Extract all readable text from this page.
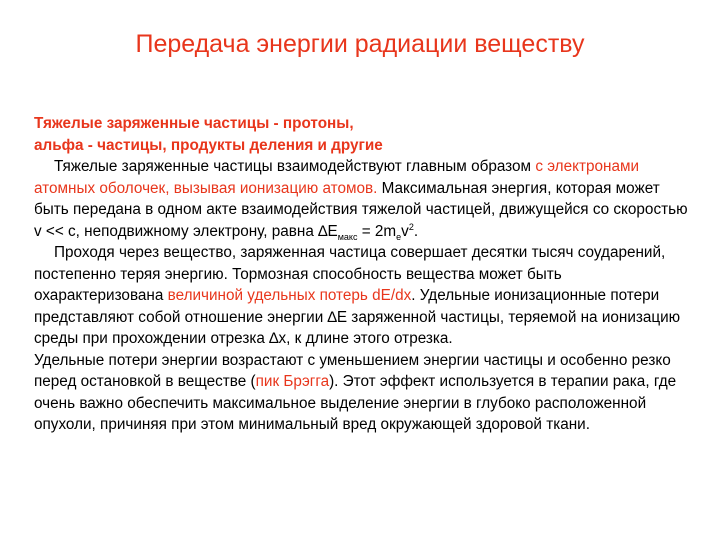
Передача энергии радиации веществу

Тяжелые заряженные частицы - протоны,

альфа - частицы, продукты деления и другие

Тяжелые заряженные частицы взаимодействуют главным образом с электронами атомных оболочек, вызывая ионизацию атомов. Максимальная энергия, которая может быть передана в одном акте взаимодействия тяжелой частицей, движущейся со скоростью v << c, неподвижному электрону, равна $\Delta E_{макс} = 2m_ev^2$.

Проходя через вещество, заряженная частица совершает десятки тысяч соударений, постепенно теряя энергию. Тормозная способность вещества может быть охарактеризована величиной удельных потерь dE/dx. Удельные ионизационные потери представляют собой отношение энергии ∆E заряженной частицы, теряемой на ионизацию среды при прохождении отрезка ∆x, к длине этого отрезка.

Удельные потери энергии возрастают с уменьшением энергии частицы и особенно резко перед остановкой в веществе (пик Брэгга). Этот эффект используется в терапии рака, где очень важно обеспечить максимальное выделение энергии в глубоко расположенной опухоли, причиняя при этом минимальный вред окружающей здоровой ткани.
